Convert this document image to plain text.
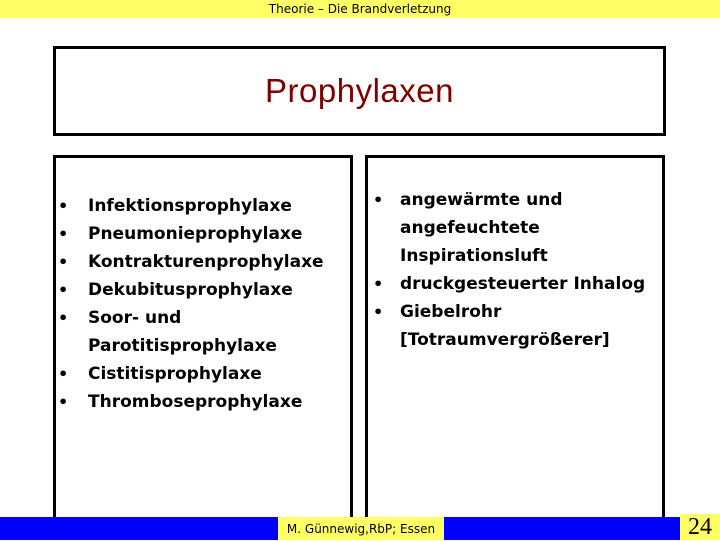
Theorie – Die Brandverletzung
Prophylaxen
• Infektionsprophylaxe
• Pneumonieprophylaxe
• Kontrakturenprophylaxe
• Dekubitusprophylaxe
• Soor- und Parotitisprophylaxe
• Cistitisprophylaxe
• Thromboseprophylaxe
• angewärmte und angefeuchtete Inspirationsluft
• druckgesteuerter Inhalog
• Giebelrohr [Totraumvergrößerer]
M. Günnewig,RbP; Essen	24
